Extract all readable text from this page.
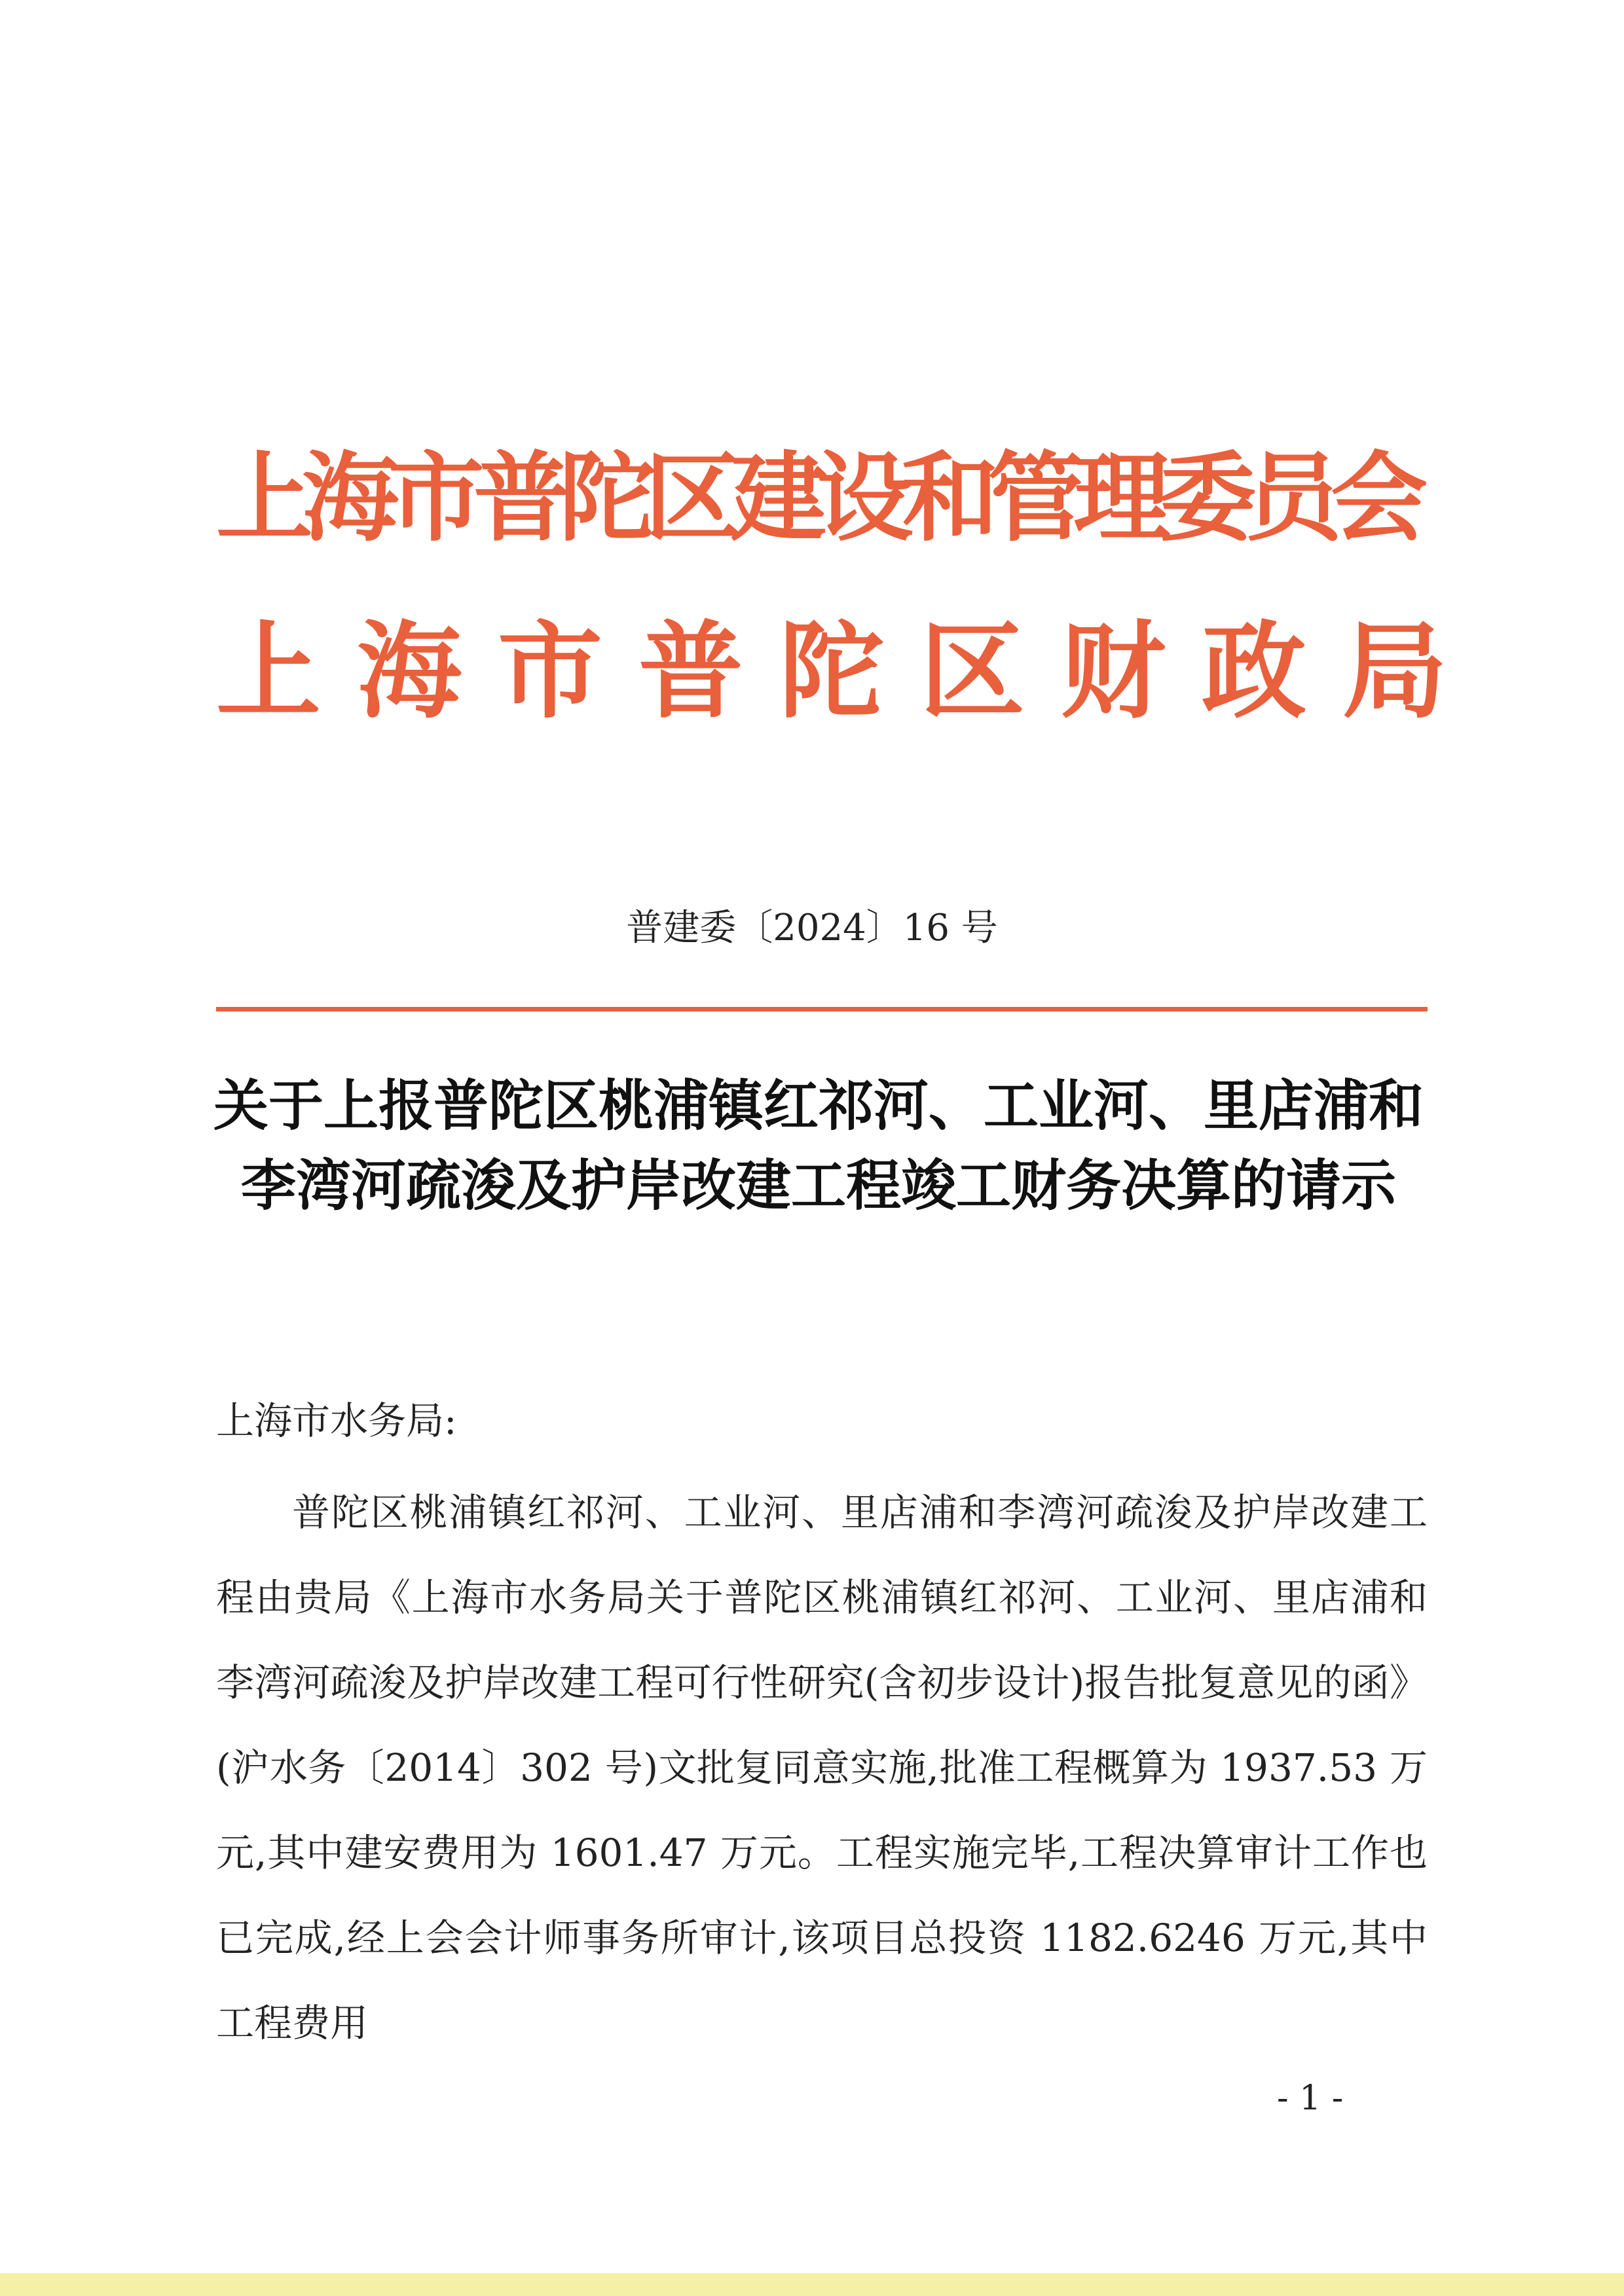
上海市普陀区建设和管理委员会
上 海 市 普 陀 区 财 政 局
普建委〔2024〕16 号
关于上报普陀区桃浦镇红祁河、工业河、里店浦和李湾河疏浚及护岸改建工程竣工财务决算的请示
上海市水务局:
普陀区桃浦镇红祁河、工业河、里店浦和李湾河疏浚及护岸改建工程由贵局《上海市水务局关于普陀区桃浦镇红祁河、工业河、里店浦和李湾河疏浚及护岸改建工程可行性研究(含初步设计)报告批复意见的函》(沪水务〔2014〕302 号)文批复同意实施,批准工程概算为 1937.53 万元,其中建安费用为 1601.47 万元。工程实施完毕,工程决算审计工作也已完成,经上会会计师事务所审计,该项目总投资 1182.6246 万元,其中工程费用
- 1 -
